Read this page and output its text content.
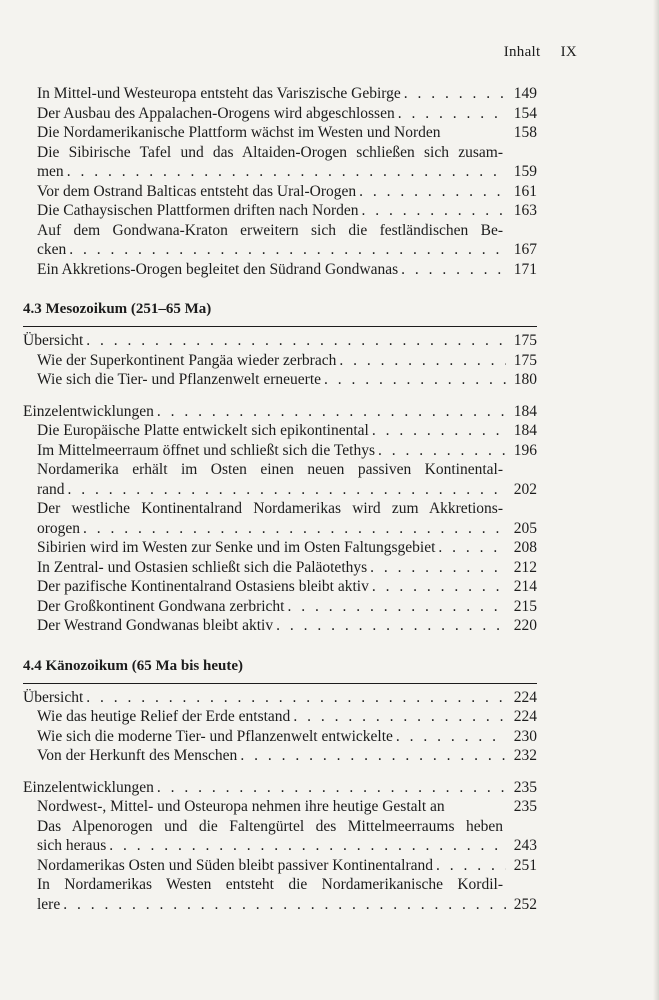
Inhalt IX
In Mittel-und Westeuropa entsteht das Variszische Gebirge . . .	149
Der Ausbau des Appalachen-Orogens wird abgeschlossen . . .	154
Die Nordamerikanische Plattform wächst im Westen und Norden	158
Die Sibirische Tafel und das Altaiden-Orogen schließen sich zusam-
men . . .	159
Vor dem Ostrand Balticas entsteht das Ural-Orogen . . .	161
Die Cathaysischen Plattformen driften nach Norden . . .	163
Auf dem Gondwana-Kraton erweitern sich die festländischen Be-
cken . . .	167
Ein Akkretions-Orogen begleitet den Südrand Gondwanas . . .	171
4.3 Mesozoikum (251–65 Ma)
Übersicht . . .	175
Wie der Superkontinent Pangäa wieder zerbrach . . .	175
Wie sich die Tier- und Pflanzenwelt erneuerte . . .	180
Einzelentwicklungen . . .	184
Die Europäische Platte entwickelt sich epikontinental . . .	184
Im Mittelmeerraum öffnet und schließt sich die Tethys . . .	196
Nordamerika erhält im Osten einen neuen passiven Kontinental-
rand . . .	202
Der westliche Kontinentalrand Nordamerikas wird zum Akkretions-
orogen . . .	205
Sibirien wird im Westen zur Senke und im Osten Faltungsgebiet . . .	208
In Zentral- und Ostasien schließt sich die Paläotethys . . .	212
Der pazifische Kontinentalrand Ostasiens bleibt aktiv . . .	214
Der Großkontinent Gondwana zerbricht . . .	215
Der Westrand Gondwanas bleibt aktiv . . .	220
4.4 Känozoikum (65 Ma bis heute)
Übersicht . . .	224
Wie das heutige Relief der Erde entstand . . .	224
Wie sich die moderne Tier- und Pflanzenwelt entwickelte . . .	230
Von der Herkunft des Menschen . . .	232
Einzelentwicklungen . . .	235
Nordwest-, Mittel- und Osteuropa nehmen ihre heutige Gestalt an	235
Das Alpenorogen und die Faltengürtel des Mittelmeerraums heben
sich heraus . . .	243
Nordamerikas Osten und Süden bleibt passiver Kontinentalrand . . .	251
In Nordamerikas Westen entsteht die Nordamerikanische Kordil-
lere . . .	252
